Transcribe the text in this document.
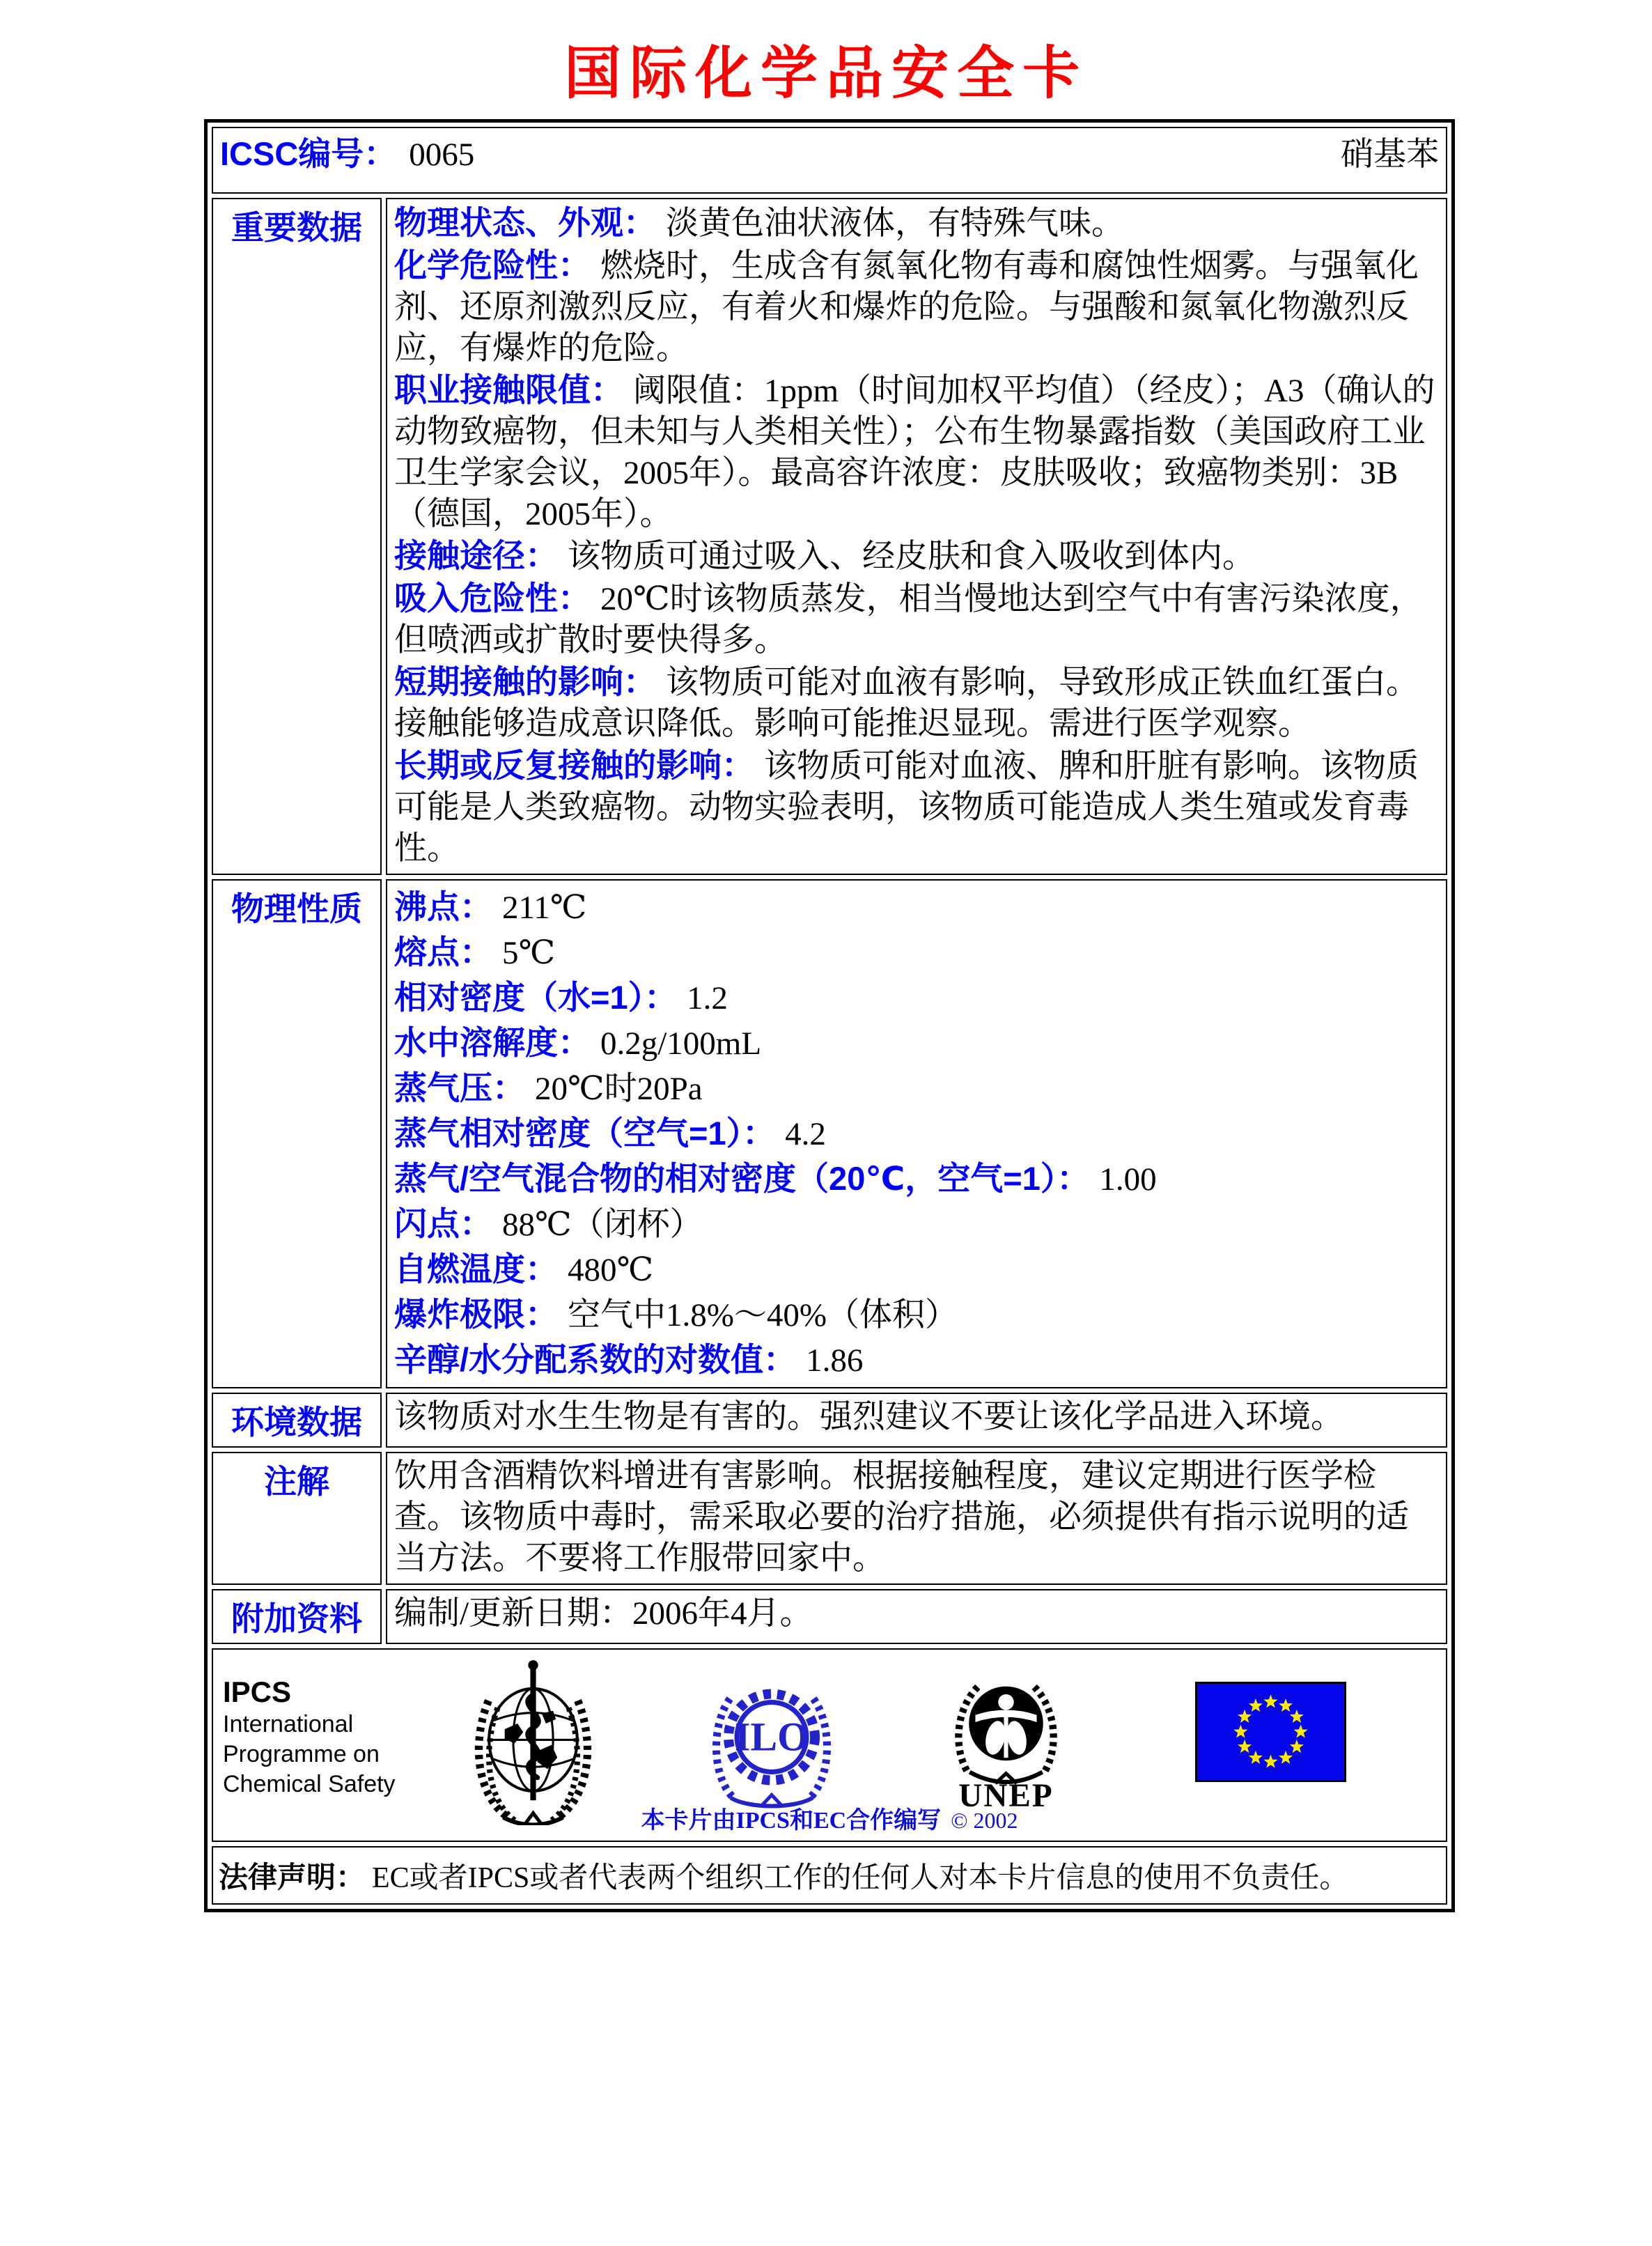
国际化学品安全卡
ICSC编号： 0065 硝基苯	

重要数据	物理状态、外观： 淡黄色油状液体，有特殊气味。
化学危险性： 燃烧时，生成含有氮氧化物有毒和腐蚀性烟雾。与强氧化剂、还原剂激烈反应，有着火和爆炸的危险。与强酸和氮氧化物激烈反应，有爆炸的危险。
职业接触限值： 阈限值：1ppm（时间加权平均值）（经皮）；A3（确认的动物致癌物，但未知与人类相关性）；公布生物暴露指数（美国政府工业卫生学家会议，2005年）。最高容许浓度：皮肤吸收；致癌物类别：3B（德国，2005年）。
接触途径： 该物质可通过吸入、经皮肤和食入吸收到体内。
吸入危险性： 20℃时该物质蒸发，相当慢地达到空气中有害污染浓度，但喷洒或扩散时要快得多。
短期接触的影响： 该物质可能对血液有影响，导致形成正铁血红蛋白。接触能够造成意识降低。影响可能推迟显现。需进行医学观察。
长期或反复接触的影响： 该物质可能对血液、脾和肝脏有影响。该物质可能是人类致癌物。动物实验表明，该物质可能造成人类生殖或发育毒性。

物理性质	沸点： 211℃
熔点： 5℃
相对密度（水=1）： 1.2
水中溶解度： 0.2g/100mL
蒸气压： 20℃时20Pa
蒸气相对密度（空气=1）： 4.2
蒸气/空气混合物的相对密度（20℃，空气=1）： 1.00
闪点： 88℃（闭杯）
自燃温度： 480℃
爆炸极限： 空气中1.8%～40%（体积）
辛醇/水分配系数的对数值： 1.86

环境数据	该物质对水生生物是有害的。强烈建议不要让该化学品进入环境。
注解	饮用含酒精饮料增进有害影响。根据接触程度，建议定期进行医学检查。该物质中毒时，需采取必要的治疗措施，必须提供有指示说明的适当方法。不要将工作服带回家中。
附加资料	编制/更新日期：2006年4月。

IPCS
International
Programme on
Chemical Safety
ILO
UNEP
本卡片由IPCS和EC合作编写 © 2002

法律声明： EC或者IPCS或者代表两个组织工作的任何人对本卡片信息的使用不负责任。	
